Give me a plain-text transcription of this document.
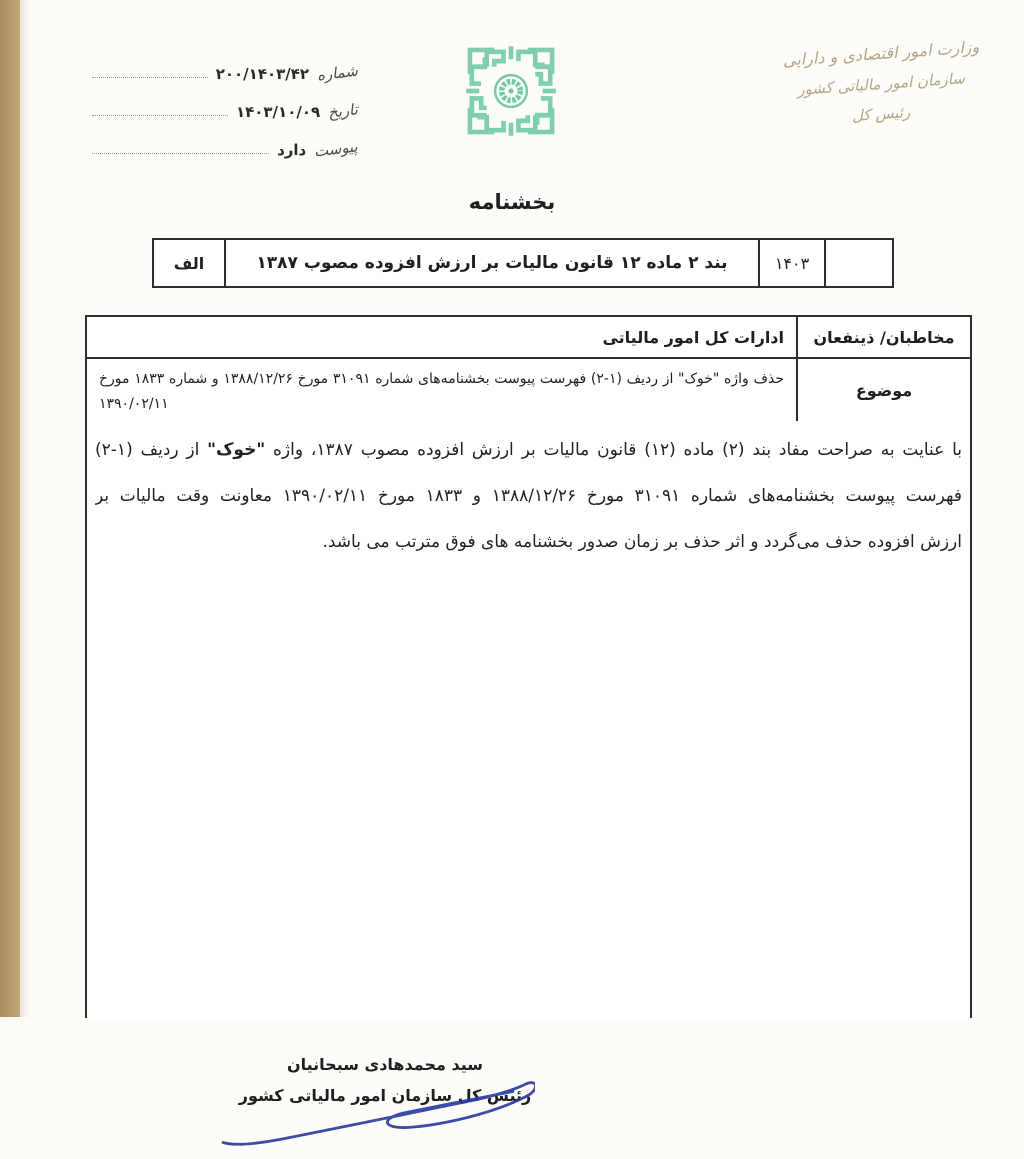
وزارت امور اقتصادی و دارایی
سازمان امور مالیاتی کشور
رئیس کل
شماره
۲۰۰/۱۴۰۳/۴۲
تاریخ
۱۴۰۳/۱۰/۰۹
پیوست
دارد
بخشنامه
الف	بند ۲ ماده ۱۲ قانون مالیات بر ارزش افزوده مصوب ۱۳۸۷	۱۴۰۳
ادارات کل امور مالیاتی	مخاطبان/ ذینفعان
حذف واژه "خوک" از ردیف (۱-۲) فهرست پیوست بخشنامه‌های شماره ۳۱۰۹۱ مورخ ۱۳۸۸/۱۲/۲۶ و شماره ۱۸۳۳ مورخ
۱۳۹۰/۰۲/۱۱
موضوع
با عنایت به صراحت مفاد بند (۲) ماده (۱۲) قانون مالیات بر ارزش افزوده مصوب ۱۳۸۷، واژه "خوک" از ردیف (۱-۲)
فهرست پیوست بخشنامه‌های شماره ۳۱۰۹۱ مورخ ۱۳۸۸/۱۲/۲۶ و ۱۸۳۳ مورخ ۱۳۹۰/۰۲/۱۱ معاونت وقت مالیات بر
ارزش افزوده حذف می‌گردد و اثر حذف بر زمان صدور بخشنامه های فوق مترتب می باشد.
سید محمدهادی سبحانیان
رئیس کل سازمان امور مالیاتی کشور
